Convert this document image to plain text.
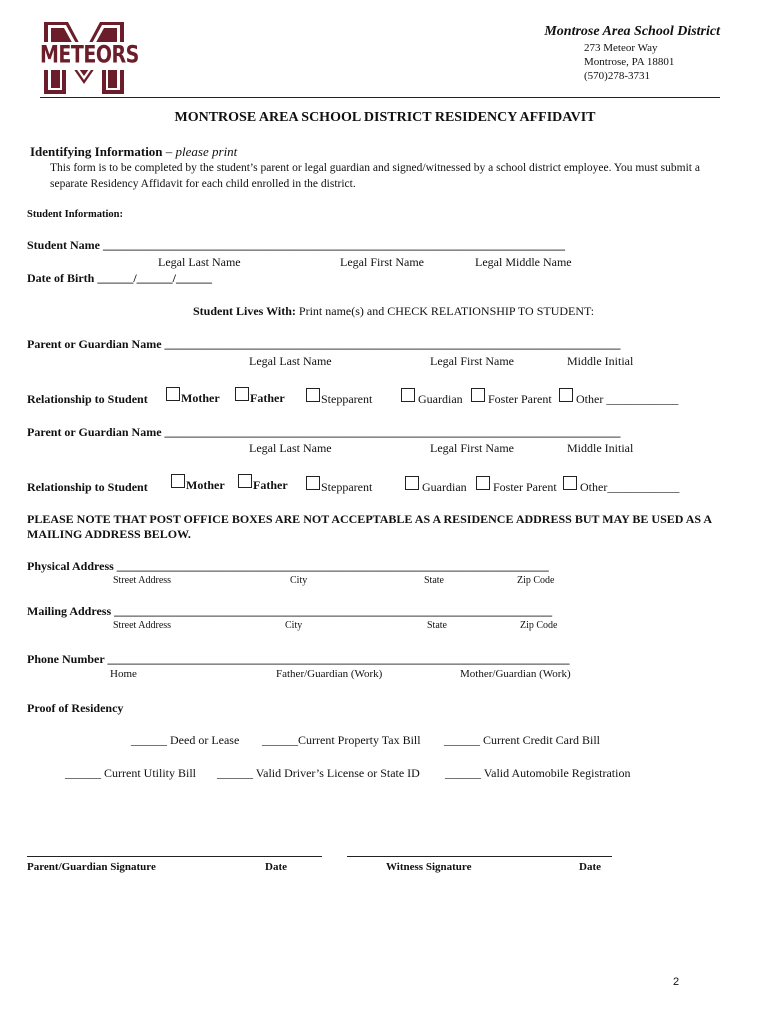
METEORS
Montrose Area School District
273 Meteor Way
Montrose, PA 18801
(570)278-3731
MONTROSE AREA SCHOOL DISTRICT RESIDENCY AFFIDAVIT
Identifying Information – please print
This form is to be completed by the student’s parent or legal guardian and signed/witnessed by a school district employee. You must submit a separate Residency Affidavit for each child enrolled in the district.
Student Information:
Student Name _____________________________________________________________________________
Legal Last Name	Legal First Name	Legal Middle Name
Date of Birth ______/______/______
Student Lives With: Print name(s) and CHECK RELATIONSHIP TO STUDENT:
Parent or Guardian Name ____________________________________________________________________________
Legal Last Name	Legal First Name	Middle Initial
Relationship to Student	Mother	Father	Stepparent	Guardian Foster Parent Other ____________
Parent or Guardian Name ____________________________________________________________________________
Legal Last Name	Legal First Name	Middle Initial
Relationship to Student	Mother Father	Stepparent	Guardian Foster Parent Other____________
PLEASE NOTE THAT POST OFFICE BOXES ARE NOT ACCEPTABLE AS A RESIDENCE ADDRESS BUT MAY BE USED AS A MAILING ADDRESS BELOW.
Physical Address ________________________________________________________________________
Street Address	City	State	Zip Code
Mailing Address _________________________________________________________________________
Street Address	City	State	Zip Code
Phone Number _____________________________________________________________________________
Home	Father/Guardian (Work)	Mother/Guardian (Work)
Proof of Residency
______ Deed or Lease ______Current Property Tax Bill ______ Current Credit Card Bill
______ Current Utility Bill ______ Valid Driver’s License or State ID ______ Valid Automobile Registration
Parent/Guardian Signature	Date	Witness Signature	Date
2
